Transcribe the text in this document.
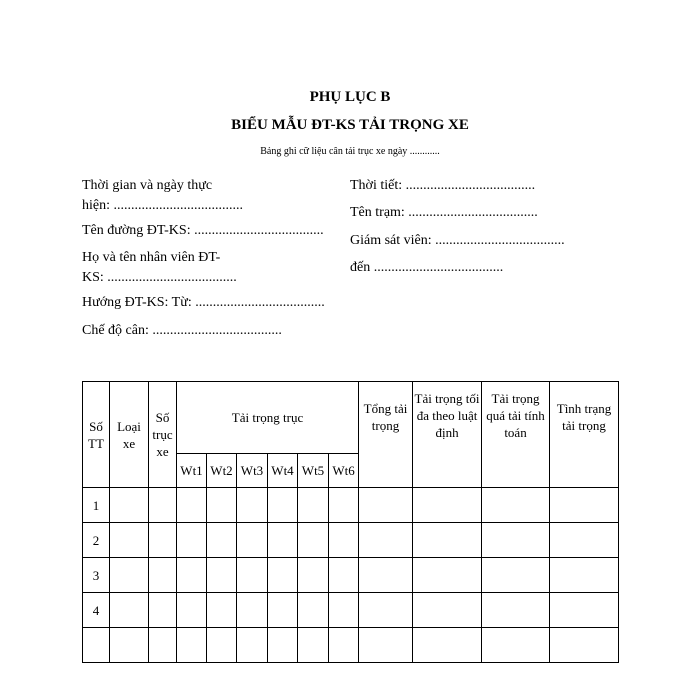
PHỤ LỤC B
BIỂU MẪU ĐT-KS TẢI TRỌNG XE
Bảng ghi cữ liệu cân tải trục xe ngày ............
Thời gian và ngày thực
hiện: .....................................
Tên đường ĐT-KS: .....................................
Họ và tên nhân viên ĐT-
KS: .....................................
Hướng ĐT-KS: Từ: .....................................
Chế độ cân: .....................................
Thời tiết: .....................................
Tên trạm: .....................................
Giám sát viên: .....................................
đến .....................................
Số TT	Loại xe	Số trục xe	Tải trọng trục						Tổng tải trọng	Tải trọng tối đa theo luật định	Tải trọng quá tải tính toán	Tình trạng tải trọng
			Wt1	Wt2	Wt3	Wt4	Wt5	Wt6				
1												
2												
3												
4												
